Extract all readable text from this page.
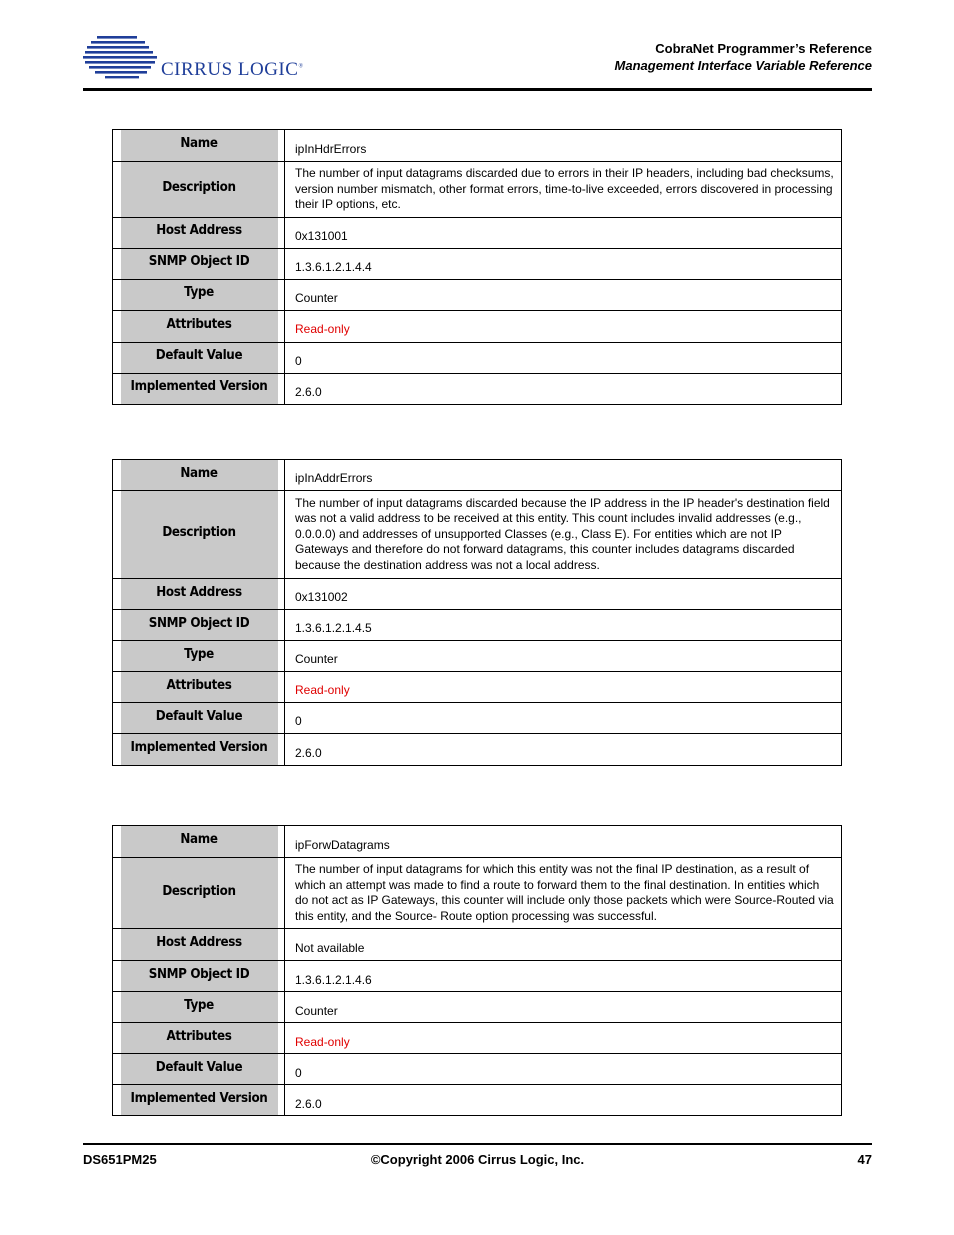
CIRRUS LOGIC®
CobraNet Programmer’s Reference
Management Interface Variable Reference
Name	ipInHdrErrors
Description	The number of input datagrams discarded due to errors in their IP headers, including bad checksums, version number mismatch, other format errors, time-to-live exceeded, errors discovered in processing their IP options, etc.
Host Address	0x131001
SNMP Object ID	1.3.6.1.2.1.4.4
Type	Counter
Attributes	Read-only
Default Value	0
Implemented Version	2.6.0
Name	ipInAddrErrors
Description	The number of input datagrams discarded because the IP address in the IP header's destination field was not a valid address to be received at this entity. This count includes invalid addresses (e.g., 0.0.0.0) and addresses of unsupported Classes (e.g., Class E). For entities which are not IP Gateways and therefore do not forward datagrams, this counter includes datagrams discarded because the destination address was not a local address.
Host Address	0x131002
SNMP Object ID	1.3.6.1.2.1.4.5
Type	Counter
Attributes	Read-only
Default Value	0
Implemented Version	2.6.0
Name	ipForwDatagrams
Description	The number of input datagrams for which this entity was not the final IP destination, as a result of which an attempt was made to find a route to forward them to the final destination. In entities which do not act as IP Gateways, this counter will include only those packets which were Source-Routed via this entity, and the Source- Route option processing was successful.
Host Address	Not available
SNMP Object ID	1.3.6.1.2.1.4.6
Type	Counter
Attributes	Read-only
Default Value	0
Implemented Version	2.6.0
DS651PM25	©Copyright 2006 Cirrus Logic, Inc.	47
